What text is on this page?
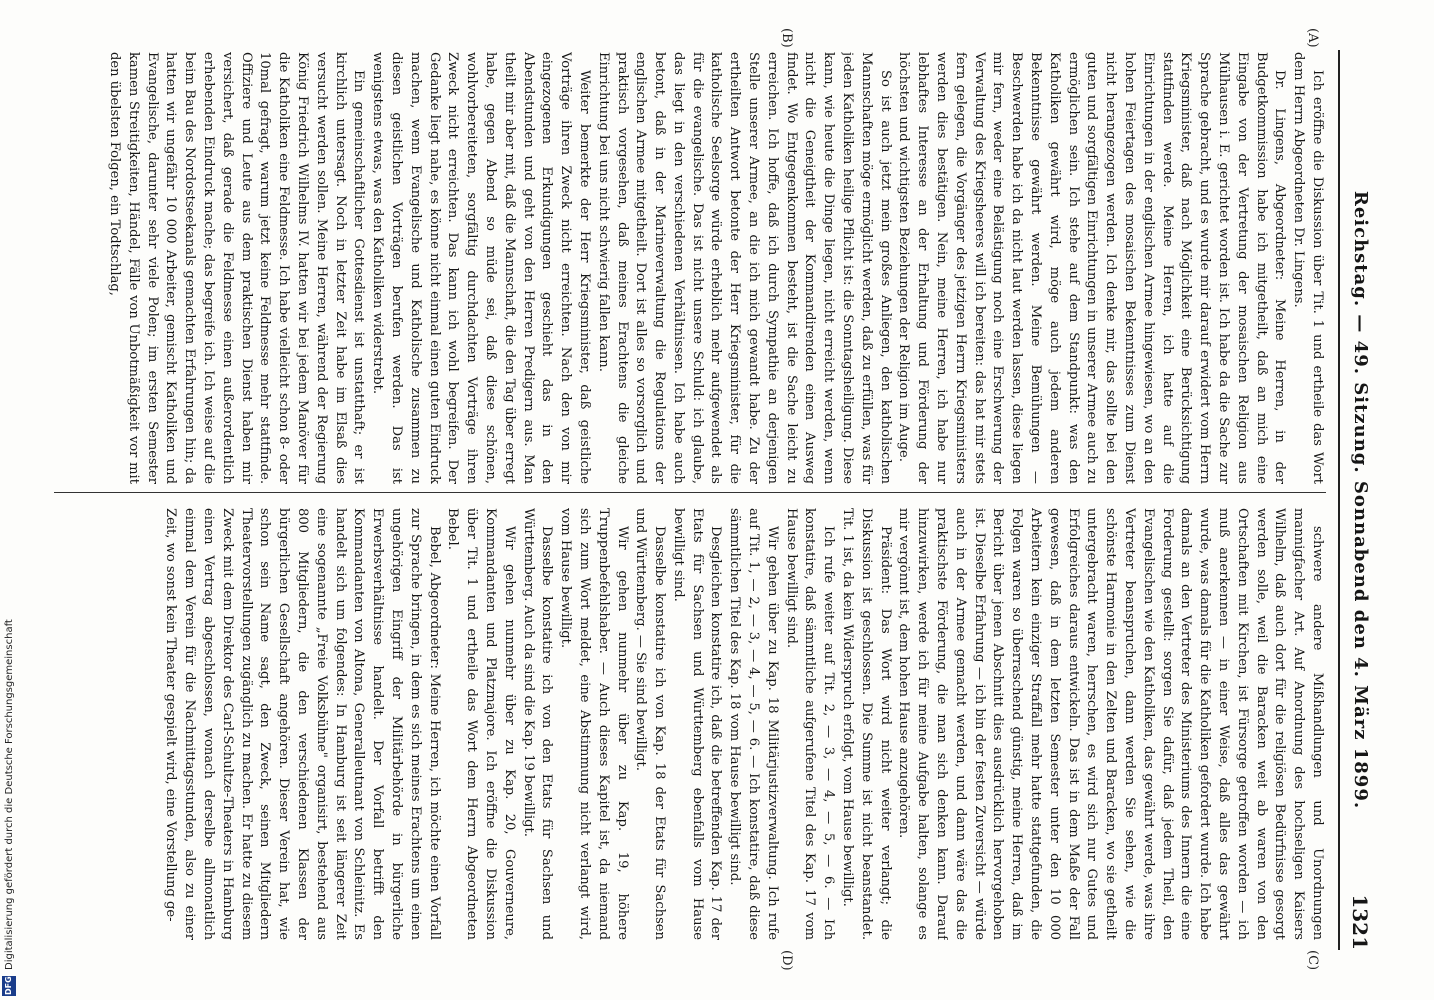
Reichstag. — 49. Sitzung. Sonnabend den 4. März 1899.
1321
(A)
(B)
(C)
(D)

Ich eröffne die Diskussion über Tit. 1 und ertheile das Wort dem Herrn Abgeordneten Dr. Lingens.

Dr. Lingens, Abgeordneter: Meine Herren, in der Budgetkommission habe ich mitgetheilt, daß an mich eine Eingabe von der Vertretung der mosaischen Religion aus Mülhausen i. E. gerichtet worden ist. Ich habe da die Sache zur Sprache gebracht, und es wurde mir darauf erwidert vom Herrn Kriegsminister, daß nach Möglichkeit eine Berücksichtigung stattfinden werde. Meine Herren, ich hatte auf die Einrichtungen in der englischen Armee hingewiesen, wo an den hohen Feiertagen des mosaischen Bekenntnisses zum Dienst nicht herangezogen werden. Ich denke mir, das sollte bei den guten und sorgfältigen Einrichtungen in unserer Armee auch zu ermöglichen sein. Ich stehe auf dem Standpunkt: was den Katholiken gewährt wird, möge auch jedem anderen Bekenntnisse gewährt werden. Meine Bemühungen — Beschwerden habe ich da nicht laut werden lassen, diese liegen mir fern, weder eine Belästigung noch eine Erschwerung der Verwaltung des Kriegsheeres will ich bereiten: das hat mir stets fern gelegen, die Vorgänger des jetzigen Herrn Kriegsministers werden dies bestätigen. Nein, meine Herren, ich habe nur lebhaftes Interesse an der Erhaltung und Förderung der höchsten und wichtigsten Beziehungen der Religion im Auge.

So ist auch jetzt mein großes Anliegen, den katholischen Mannschaften möge ermöglicht werden, daß zu erfüllen, was für jeden Katholiken heilige Pflicht ist: die Sonntagsheiligung. Diese kann, wie heute die Dinge liegen, nicht erreicht werden, wenn nicht die Geneigtheit der Kommandirenden einen Ausweg findet. Wo Entgegenkommen besteht, ist die Sache leicht zu erreichen. Ich hoffe, daß ich durch Sympathie an derjenigen Stelle unserer Armee, an die ich mich gewandt habe. Zu der ertheilten Antwort betonte der Herr Kriegsminister, für die katholische Seelsorge würde erheblich mehr aufgewendet als für die evangelische. Das ist nicht unsere Schuld: ich glaube, das liegt in den verschiedenen Verhältnissen. Ich habe auch betont, daß in der Marineverwaltung die Regulations der englischen Armee mitgetheilt. Dort ist alles so vorsorglich und praktisch vorgesehen, daß meines Erachtens die gleiche Einrichtung bei uns nicht schwierig fallen kann.

Weiter bemerkte der Herr Kriegsminister, daß geistliche Vorträge ihren Zweck nicht erreichten. Nach den von mir eingezogenen Erkundigungen geschieht das in den Abendstunden und geht von den Herren Predigern aus. Man theilt mir aber mit, daß die Mannschaft, die den Tag über erregt habe, gegen Abend so müde sei, daß diese schönen, wohlvorbereiteten, sorgfältig durchdachten Vorträge ihren Zweck nicht erreichten. Das kann ich wohl begreifen. Der Gedanke liegt nahe, es könne nicht einmal einen guten Eindruck machen, wenn Evangelische und Katholische zusammen zu diesen geistlichen Vorträgen berufen werden. Das ist wenigstens etwas, was den Katholiken widerstrebt.

Ein gemeinschaftlicher Gottesdienst ist unstatthaft; er ist kirchlich untersagt. Noch in letzter Zeit habe im Elsaß dies versucht werden sollen. Meine Herren, während der Regierung König Friedrich Wilhelms IV. hatten wir bei jedem Manöver für die Katholiken eine Feldmesse. Ich habe vielleicht schon 8- oder 10mal gefragt, warum jetzt keine Feldmesse mehr stattfinde. Offiziere und Leute aus dem praktischen Dienst haben mir versichert, daß gerade die Feldmesse einen außerordentlich erhebenden Eindruck mache; das begreife ich. Ich weise auf die beim Bau des Nordostseekanals gemachten Erfahrungen hin; da hatten wir ungefähr 10 000 Arbeiter, gemischt Katholiken und Evangelische, darunter sehr viele Polen; im ersten Semester kamen Streitigkeiten, Händel, Fälle von Unbotmäßigkeit vor mit den übelsten Folgen, ein Todtschlag,

schwere andere Mißhandlungen und Unordnungen mannigfacher Art. Auf Anordnung des hochseligen Kaisers Wilhelm, daß auch dort für die religiösen Bedürfnisse gesorgt werden solle, weil die Baracken weit ab waren von den Ortschaften mit Kirchen, ist Fürsorge getroffen worden — ich muß anerkennen — in einer Weise, daß alles das gewährt wurde, was damals für die Katholiken gefordert wurde. Ich habe damals an den Vertreter des Ministeriums des Innern die eine Forderung gestellt: sorgen Sie dafür, daß jedem Theil, den Evangelischen wie den Katholiken, das gewährt werde, was ihre Vertreter beanspruchen, dann werden Sie sehen, wie die schönste Harmonie in den Zelten und Baracken, wo sie getheilt untergebracht waren, herrschen, es wird sich nur Gutes und Erfolgreiches daraus entwickeln. Das ist in dem Maße der Fall gewesen, daß in dem letzten Semester unter den 10 000 Arbeitern kein einziger Straffall mehr hatte stattgefunden, die Folgen waren so überraschend günstig, meine Herren, daß im Bericht über jenen Abschnitt dies ausdrücklich hervorgehoben ist. Dieselbe Erfahrung — ich bin der festen Zuversicht — würde auch in der Armee gemacht werden, und dann wäre das die praktischste Förderung, die man sich denken kann. Darauf hinzuwirken, werde ich für meine Aufgabe halten, solange es mir vergönnt ist, dem hohen Hause anzugehören.

Präsident: Das Wort wird nicht weiter verlangt; die Diskussion ist geschlossen. Die Summe ist nicht beanstandet. Tit. 1 ist, da kein Widerspruch erfolgt, vom Hause bewilligt.

Ich rufe weiter auf Tit. 2, — 3, — 4, — 5, — 6. — Ich konstatire, daß sämmtliche aufgerufene Titel des Kap. 17 vom Hause bewilligt sind.

Wir gehen über zu Kap. 18 Militärjustizverwaltung. Ich rufe auf Tit. 1, — 2, — 3, — 4, — 5, — 6. — Ich konstatire, daß diese sämmtlichen Titel des Kap. 18 vom Hause bewilligt sind.

Desgleichen konstatire ich, daß die betreffenden Kap. 17 der Etats für Sachsen und Württemberg ebenfalls vom Hause bewilligt sind.

Dasselbe konstatire ich von Kap. 18 der Etats für Sachsen und Württemberg. — Sie sind bewilligt.

Wir gehen nunmehr über zu Kap. 19, höhere Truppenbefehlshaber. — Auch dieses Kapitel ist, da niemand sich zum Wort meldet, eine Abstimmung nicht verlangt wird, vom Hause bewilligt.

Dasselbe konstatire ich von den Etats für Sachsen und Württemberg. Auch da sind die Kap. 19 bewilligt.

Wir gehen nunmehr über zu Kap. 20, Gouverneure, Kommandanten und Platzmajore. Ich eröffne die Diskussion über Tit. 1 und ertheile das Wort dem Herrn Abgeordneten Bebel.

Bebel, Abgeordneter: Meine Herren, ich möchte einen Vorfall zur Sprache bringen, in dem es sich meines Erachtens um einen ungehörigen Eingriff der Militärbehörde in bürgerliche Erwerbsverhältnisse handelt. Der Vorfall betrifft den Kommandanten von Altona, Generalleutnant von Schleinitz. Es handelt sich um folgendes: In Hamburg ist seit längerer Zeit eine sogenannte „Freie Volksbühne" organisirt, bestehend aus 800 Mitgliedern, die den verschiedenen Klassen der bürgerlichen Gesellschaft angehören. Dieser Verein hat, wie schon sein Name sagt, den Zweck, seinen Mitgliedern Theatervorstellungen zugänglich zu machen. Er hatte zu diesem Zweck mit dem Direktor des Carl-Schultze-Theaters in Hamburg einen Vertrag abgeschlossen, wonach derselbe allmonatlich einmal dem Verein für die Nachmittagsstunden, also zu einer Zeit, wo sonst kein Theater gespielt wird, eine Vorstellung ge-

DFGDigitalisierung gefördert durch die Deutsche Forschungsgemeinschaft
